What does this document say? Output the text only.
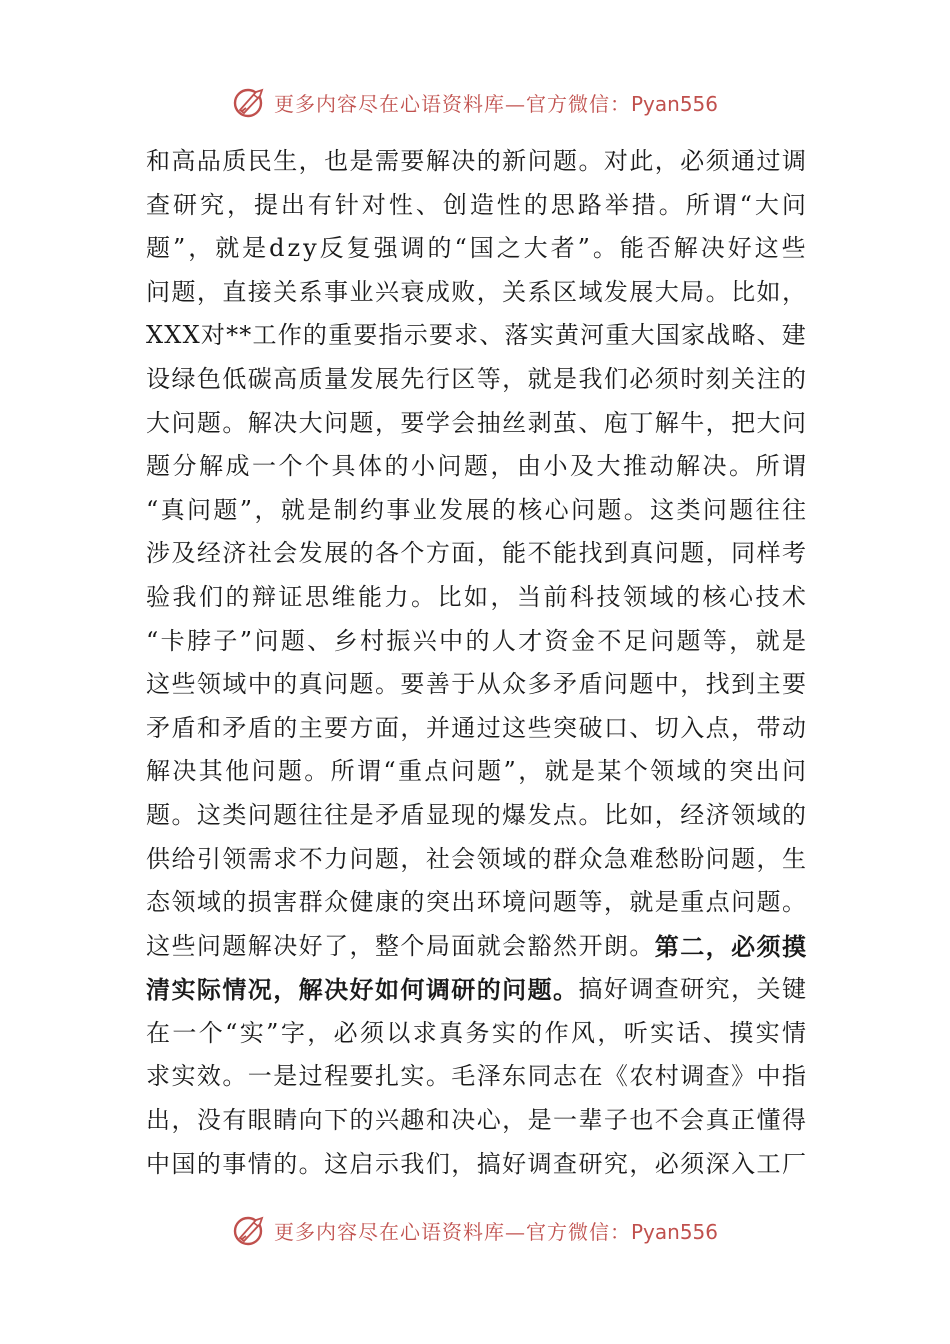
更多内容尽在心语资料库—官方微信：Pyan556
和 高 品 质 民 生 ， 也 是 需 要 解 决 的 新 问 题 。 对 此 ， 必 须 通 过 调
查 研 究 ， 提 出 有 针 对 性 、 创 造 性 的 思 路 举 措 。 所 谓 “ 大 问
题 ” ， 就 是 d z y 反 复 强 调 的 “ 国 之 大 者 ” 。 能 否 解 决 好 这 些
问 题 ， 直 接 关 系 事 业 兴 衰 成 败 ， 关 系 区 域 发 展 大 局 。 比 如 ，
X X X 对 * * 工 作 的 重 要 指 示 要 求 、 落 实 黄 河 重 大 国 家 战 略 、 建
设 绿 色 低 碳 高 质 量 发 展 先 行 区 等 ， 就 是 我 们 必 须 时 刻 关 注 的
大 问 题 。 解 决 大 问 题 ， 要 学 会 抽 丝 剥 茧 、 庖 丁 解 牛 ， 把 大 问
题 分 解 成 一 个 个 具 体 的 小 问 题 ， 由 小 及 大 推 动 解 决 。 所 谓
“ 真 问 题 ” ， 就 是 制 约 事 业 发 展 的 核 心 问 题 。 这 类 问 题 往 往
涉 及 经 济 社 会 发 展 的 各 个 方 面 ， 能 不 能 找 到 真 问 题 ， 同 样 考
验 我 们 的 辩 证 思 维 能 力 。 比 如 ， 当 前 科 技 领 域 的 核 心 技 术
“ 卡 脖 子 ” 问 题 、 乡 村 振 兴 中 的 人 才 资 金 不 足 问 题 等 ， 就 是
这 些 领 域 中 的 真 问 题 。 要 善 于 从 众 多 矛 盾 问 题 中 ， 找 到 主 要
矛 盾 和 矛 盾 的 主 要 方 面 ， 并 通 过 这 些 突 破 口 、 切 入 点 ， 带 动
解 决 其 他 问 题 。 所 谓 “ 重 点 问 题 ” ， 就 是 某 个 领 域 的 突 出 问
题 。 这 类 问 题 往 往 是 矛 盾 显 现 的 爆 发 点 。 比 如 ， 经 济 领 域 的
供 给 引 领 需 求 不 力 问 题 ， 社 会 领 域 的 群 众 急 难 愁 盼 问 题 ， 生
态 领 域 的 损 害 群 众 健 康 的 突 出 环 境 问 题 等 ， 就 是 重 点 问 题 。
这 些 问 题 解 决 好 了 ， 整 个 局 面 就 会 豁 然 开 朗 。 第 二 ， 必 须 摸
清 实 际 情 况 ， 解 决 好 如 何 调 研 的 问 题 。 搞 好 调 查 研 究 ， 关 键
在 一 个 “ 实 ” 字 ， 必 须 以 求 真 务 实 的 作 风 ， 听 实 话 、 摸 实 情
求 实 效 。 一 是 过 程 要 扎 实 。 毛 泽 东 同 志 在 《 农 村 调 查 》 中 指
出 ， 没 有 眼 睛 向 下 的 兴 趣 和 决 心 ， 是 一 辈 子 也 不 会 真 正 懂 得
中 国 的 事 情 的 。 这 启 示 我 们 ， 搞 好 调 查 研 究 ， 必 须 深 入 工 厂
更多内容尽在心语资料库—官方微信：Pyan556
